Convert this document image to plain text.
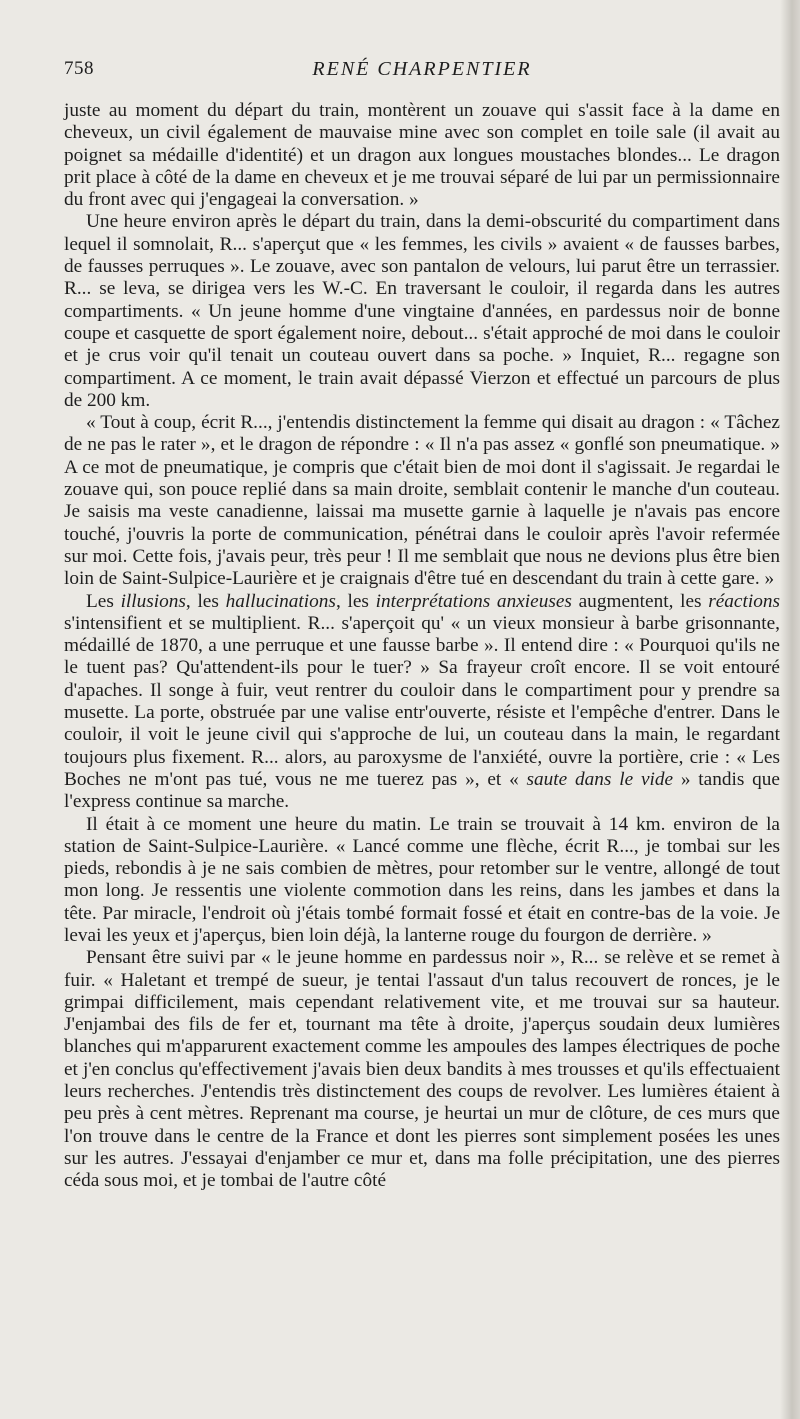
758	RENÉ CHARPENTIER

juste au moment du départ du train, montèrent un zouave qui s'assit face à la dame en cheveux, un civil également de mauvaise mine avec son complet en toile sale (il avait au poignet sa médaille d'identité) et un dragon aux longues moustaches blondes... Le dragon prit place à côté de la dame en cheveux et je me trouvai séparé de lui par un permissionnaire du front avec qui j'engageai la conversation. »

Une heure environ après le départ du train, dans la demi-obscurité du compartiment dans lequel il somnolait, R... s'aperçut que « les femmes, les civils » avaient « de fausses barbes, de fausses perruques ». Le zouave, avec son pantalon de velours, lui parut être un terrassier. R... se leva, se dirigea vers les W.-C. En traversant le couloir, il regarda dans les autres compartiments. « Un jeune homme d'une vingtaine d'années, en pardessus noir de bonne coupe et casquette de sport également noire, debout... s'était approché de moi dans le couloir et je crus voir qu'il tenait un couteau ouvert dans sa poche. » Inquiet, R... regagne son compartiment. A ce moment, le train avait dépassé Vierzon et effectué un parcours de plus de 200 km.

« Tout à coup, écrit R..., j'entendis distinctement la femme qui disait au dragon : « Tâchez de ne pas le rater », et le dragon de répondre : « Il n'a pas assez « gonflé son pneumatique. » A ce mot de pneumatique, je compris que c'était bien de moi dont il s'agissait. Je regardai le zouave qui, son pouce replié dans sa main droite, semblait contenir le manche d'un couteau. Je saisis ma veste canadienne, laissai ma musette garnie à laquelle je n'avais pas encore touché, j'ouvris la porte de communication, pénétrai dans le couloir après l'avoir refermée sur moi. Cette fois, j'avais peur, très peur ! Il me semblait que nous ne devions plus être bien loin de Saint-Sulpice-Laurière et je craignais d'être tué en descendant du train à cette gare. »

Les illusions, les hallucinations, les interprétations anxieuses augmentent, les réactions s'intensifient et se multiplient. R... s'aperçoit qu' « un vieux monsieur à barbe grisonnante, médaillé de 1870, a une perruque et une fausse barbe ». Il entend dire : « Pourquoi qu'ils ne le tuent pas? Qu'attendent-ils pour le tuer? » Sa frayeur croît encore. Il se voit entouré d'apaches. Il songe à fuir, veut rentrer du couloir dans le compartiment pour y prendre sa musette. La porte, obstruée par une valise entr'ouverte, résiste et l'empêche d'entrer. Dans le couloir, il voit le jeune civil qui s'approche de lui, un couteau dans la main, le regardant toujours plus fixement. R... alors, au paroxysme de l'anxiété, ouvre la portière, crie : « Les Boches ne m'ont pas tué, vous ne me tuerez pas », et « saute dans le vide » tandis que l'express continue sa marche.

Il était à ce moment une heure du matin. Le train se trouvait à 14 km. environ de la station de Saint-Sulpice-Laurière. « Lancé comme une flèche, écrit R..., je tombai sur les pieds, rebondis à je ne sais combien de mètres, pour retomber sur le ventre, allongé de tout mon long. Je ressentis une violente commotion dans les reins, dans les jambes et dans la tête. Par miracle, l'endroit où j'étais tombé formait fossé et était en contre-bas de la voie. Je levai les yeux et j'aperçus, bien loin déjà, la lanterne rouge du fourgon de derrière. »

Pensant être suivi par « le jeune homme en pardessus noir », R... se relève et se remet à fuir. « Haletant et trempé de sueur, je tentai l'assaut d'un talus recouvert de ronces, je le grimpai difficilement, mais cependant relativement vite, et me trouvai sur sa hauteur. J'enjambai des fils de fer et, tournant ma tête à droite, j'aperçus soudain deux lumières blanches qui m'apparurent exactement comme les ampoules des lampes électriques de poche et j'en conclus qu'effectivement j'avais bien deux bandits à mes trousses et qu'ils effectuaient leurs recherches. J'entendis très distinctement des coups de revolver. Les lumières étaient à peu près à cent mètres. Reprenant ma course, je heurtai un mur de clôture, de ces murs que l'on trouve dans le centre de la France et dont les pierres sont simplement posées les unes sur les autres. J'essayai d'enjamber ce mur et, dans ma folle précipitation, une des pierres céda sous moi, et je tombai de l'autre côté
